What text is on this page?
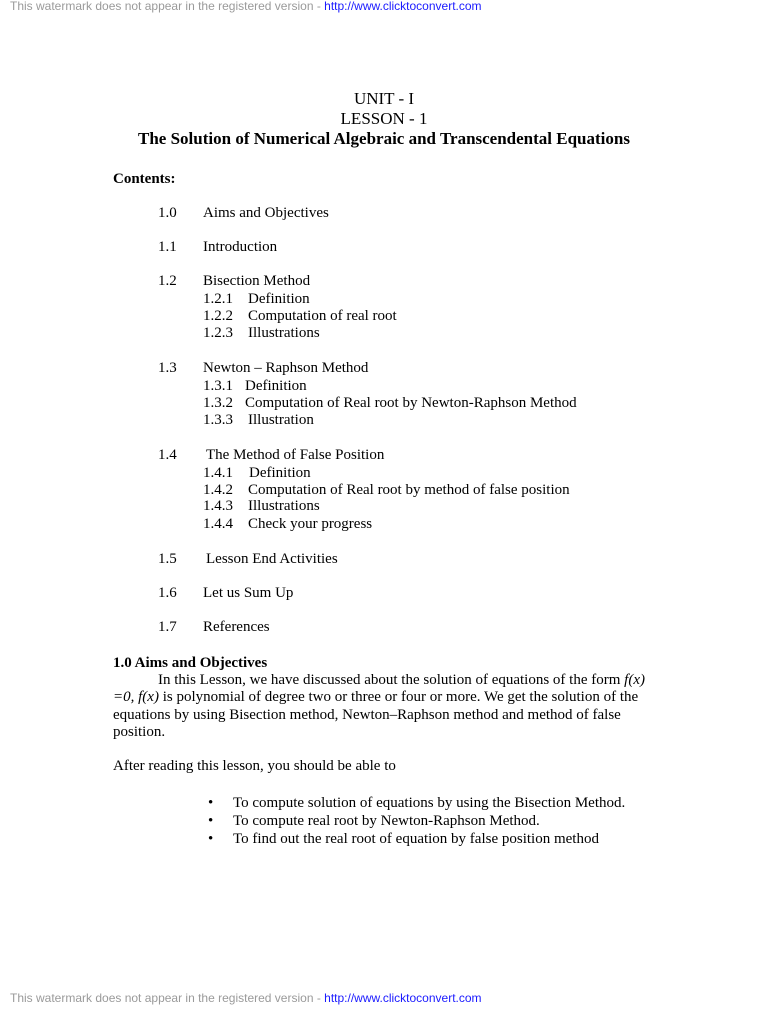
This watermark does not appear in the registered version - http://www.clicktoconvert.com
UNIT - I
LESSON - 1
The Solution of Numerical Algebraic and Transcendental Equations
Contents:
1.0 Aims and Objectives
1.1 Introduction
1.2 Bisection Method
1.2.1 Definition
1.2.2 Computation of real root
1.2.3 Illustrations
1.3 Newton – Raphson Method
1.3.1 Definition
1.3.2 Computation of Real root by Newton-Raphson Method
1.3.3 Illustration
1.4 The Method of False Position
1.4.1 Definition
1.4.2 Computation of Real root by method of false position
1.4.3 Illustrations
1.4.4 Check your progress
1.5 Lesson End Activities
1.6 Let us Sum Up
1.7 References
1.0 Aims and Objectives
In this Lesson, we have discussed about the solution of equations of the form f(x) =0, f(x) is polynomial of degree two or three or four or more. We get the solution of the equations by using Bisection method, Newton–Raphson method and method of false position.
After reading this lesson, you should be able to
• To compute solution of equations by using the Bisection Method.
• To compute real root by Newton-Raphson Method.
• To find out the real root of equation by false position method
This watermark does not appear in the registered version - http://www.clicktoconvert.com
